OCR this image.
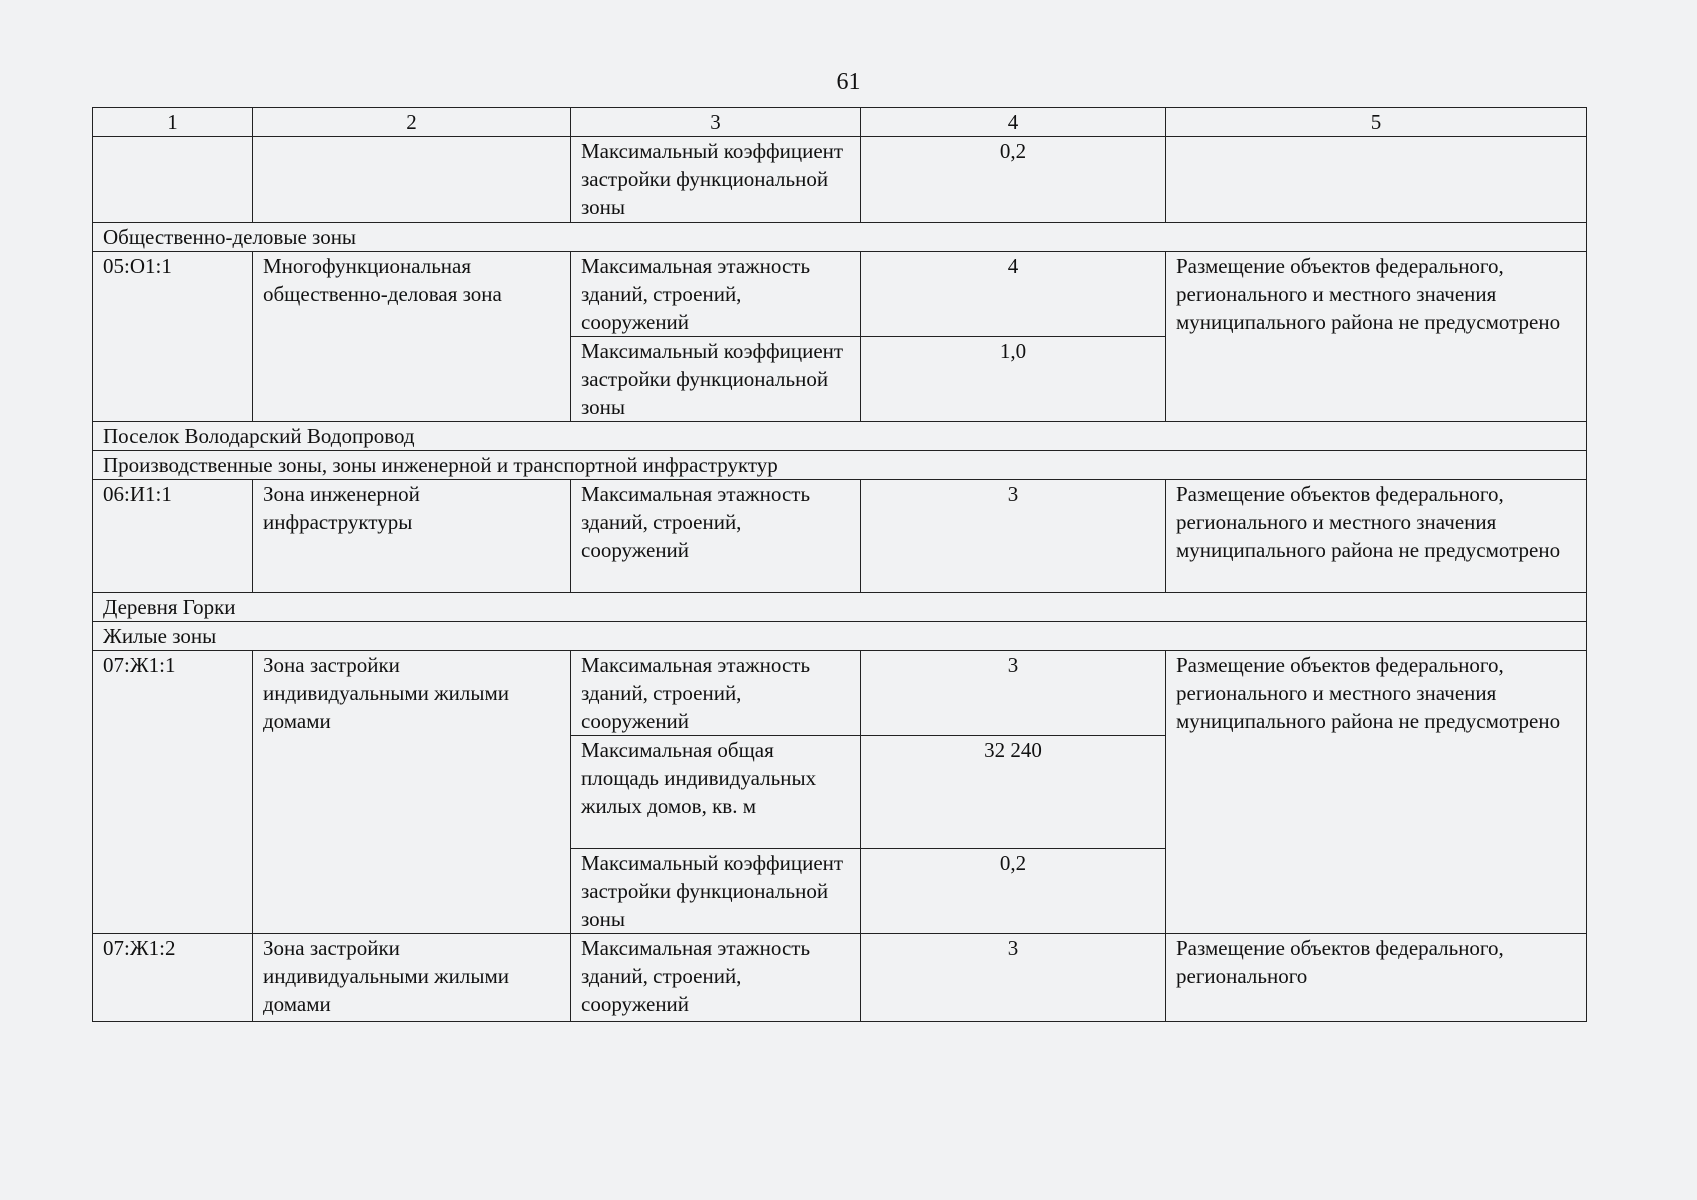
61
1	2	3	4	5
		Максимальный коэффициент застройки функциональной зоны	0,2	
Общественно-деловые зоны				
05:О1:1	Многофункциональная общественно-деловая зона	Максимальная этажность зданий, строений, сооружений	4	Размещение объектов федерального, регионального и местного значения муниципального района не предусмотрено
		Максимальный коэффициент застройки функциональной зоны	1,0	
Поселок Володарский Водопровод				
Производственные зоны, зоны инженерной и транспортной инфраструктур				
06:И1:1	Зона инженерной инфраструктуры	Максимальная этажность зданий, строений, сооружений	3	Размещение объектов федерального, регионального и местного значения муниципального района не предусмотрено
Деревня Горки				
Жилые зоны				
07:Ж1:1	Зона застройки индивидуальными жилыми домами	Максимальная этажность зданий, строений, сооружений	3	Размещение объектов федерального, регионального и местного значения муниципального района не предусмотрено
		Максимальная общая площадь индивидуальных жилых домов, кв. м	32 240	
		Максимальный коэффициент застройки функциональной зоны	0,2	
07:Ж1:2	Зона застройки индивидуальными жилыми домами	Максимальная этажность зданий, строений, сооружений	3	Размещение объектов федерального, регионального
